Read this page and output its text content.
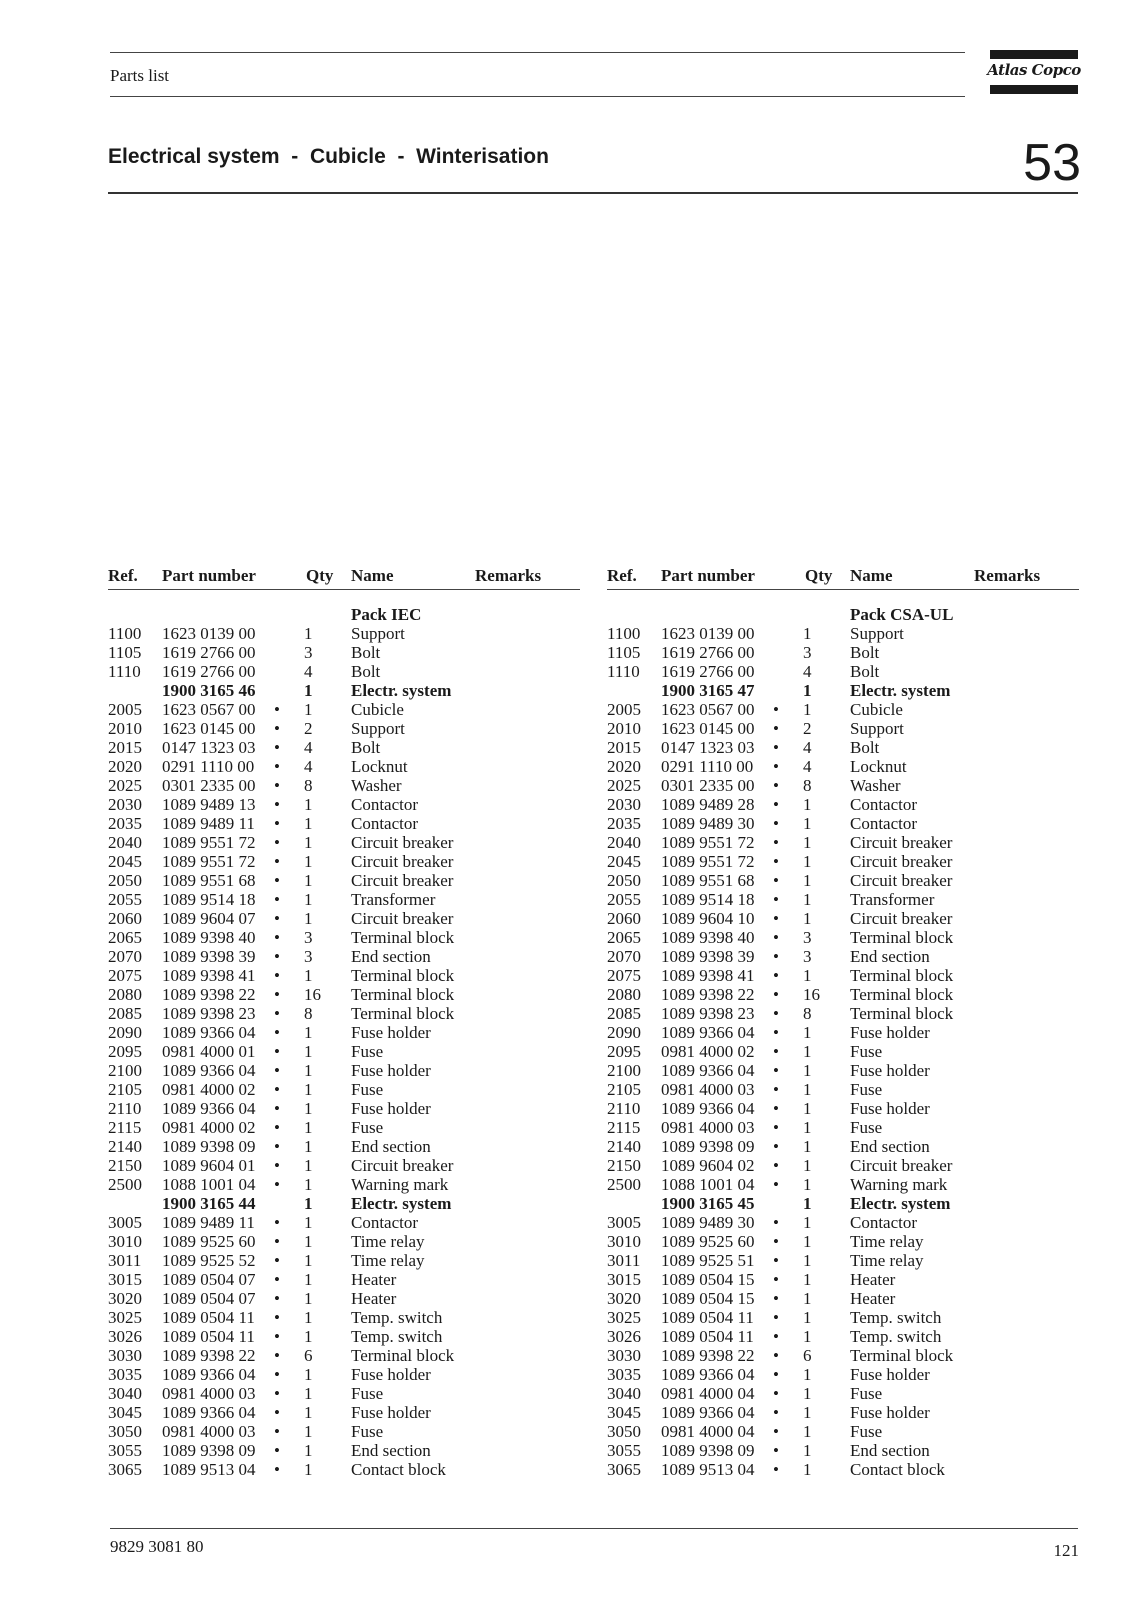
Parts list	Atlas Copco
Electrical system  -  Cubicle  -  Winterisation	53
Ref. Part number	Qty Name	Remarks	Ref. Part number	Qty Name	Remarks
Pack IEC
1100 1623 0139 00	1 Support
1105 1619 2766 00	3 Bolt
1110 1619 2766 00	4 Bolt
1900 3165 46	1 Electr. system
2005 1623 0567 00 • 1 Cubicle
2010 1623 0145 00 • 2 Support
2015 0147 1323 03 • 4 Bolt
2020 0291 1110 00 • 4 Locknut
2025 0301 2335 00 • 8 Washer
2030 1089 9489 13 • 1 Contactor
2035 1089 9489 11 • 1 Contactor
2040 1089 9551 72 • 1 Circuit breaker
2045 1089 9551 72 • 1 Circuit breaker
2050 1089 9551 68 • 1 Circuit breaker
2055 1089 9514 18 • 1 Transformer
2060 1089 9604 07 • 1 Circuit breaker
2065 1089 9398 40 • 3 Terminal block
2070 1089 9398 39 • 3 End section
2075 1089 9398 41 • 1 Terminal block
2080 1089 9398 22 • 16 Terminal block
2085 1089 9398 23 • 8 Terminal block
2090 1089 9366 04 • 1 Fuse holder
2095 0981 4000 01 • 1 Fuse
2100 1089 9366 04 • 1 Fuse holder
2105 0981 4000 02 • 1 Fuse
2110 1089 9366 04 • 1 Fuse holder
2115 0981 4000 02 • 1 Fuse
2140 1089 9398 09 • 1 End section
2150 1089 9604 01 • 1 Circuit breaker
2500 1088 1001 04 • 1 Warning mark
1900 3165 44	1 Electr. system
3005 1089 9489 11 • 1 Contactor
3010 1089 9525 60 • 1 Time relay
3011 1089 9525 52 • 1 Time relay
3015 1089 0504 07 • 1 Heater
3020 1089 0504 07 • 1 Heater
3025 1089 0504 11 • 1 Temp. switch
3026 1089 0504 11 • 1 Temp. switch
3030 1089 9398 22 • 6 Terminal block
3035 1089 9366 04 • 1 Fuse holder
3040 0981 4000 03 • 1 Fuse
3045 1089 9366 04 • 1 Fuse holder
3050 0981 4000 03 • 1 Fuse
3055 1089 9398 09 • 1 End section
3065 1089 9513 04 • 1 Contact block
Pack CSA-UL
1100 1623 0139 00	1 Support
1105 1619 2766 00	3 Bolt
1110 1619 2766 00	4 Bolt
1900 3165 47	1 Electr. system
2005 1623 0567 00 • 1 Cubicle
2010 1623 0145 00 • 2 Support
2015 0147 1323 03 • 4 Bolt
2020 0291 1110 00 • 4 Locknut
2025 0301 2335 00 • 8 Washer
2030 1089 9489 28 • 1 Contactor
2035 1089 9489 30 • 1 Contactor
2040 1089 9551 72 • 1 Circuit breaker
2045 1089 9551 72 • 1 Circuit breaker
2050 1089 9551 68 • 1 Circuit breaker
2055 1089 9514 18 • 1 Transformer
2060 1089 9604 10 • 1 Circuit breaker
2065 1089 9398 40 • 3 Terminal block
2070 1089 9398 39 • 3 End section
2075 1089 9398 41 • 1 Terminal block
2080 1089 9398 22 • 16 Terminal block
2085 1089 9398 23 • 8 Terminal block
2090 1089 9366 04 • 1 Fuse holder
2095 0981 4000 02 • 1 Fuse
2100 1089 9366 04 • 1 Fuse holder
2105 0981 4000 03 • 1 Fuse
2110 1089 9366 04 • 1 Fuse holder
2115 0981 4000 03 • 1 Fuse
2140 1089 9398 09 • 1 End section
2150 1089 9604 02 • 1 Circuit breaker
2500 1088 1001 04 • 1 Warning mark
1900 3165 45	1 Electr. system
3005 1089 9489 30 • 1 Contactor
3010 1089 9525 60 • 1 Time relay
3011 1089 9525 51 • 1 Time relay
3015 1089 0504 15 • 1 Heater
3020 1089 0504 15 • 1 Heater
3025 1089 0504 11 • 1 Temp. switch
3026 1089 0504 11 • 1 Temp. switch
3030 1089 9398 22 • 6 Terminal block
3035 1089 9366 04 • 1 Fuse holder
3040 0981 4000 04 • 1 Fuse
3045 1089 9366 04 • 1 Fuse holder
3050 0981 4000 04 • 1 Fuse
3055 1089 9398 09 • 1 End section
3065 1089 9513 04 • 1 Contact block
9829 3081 80	121
